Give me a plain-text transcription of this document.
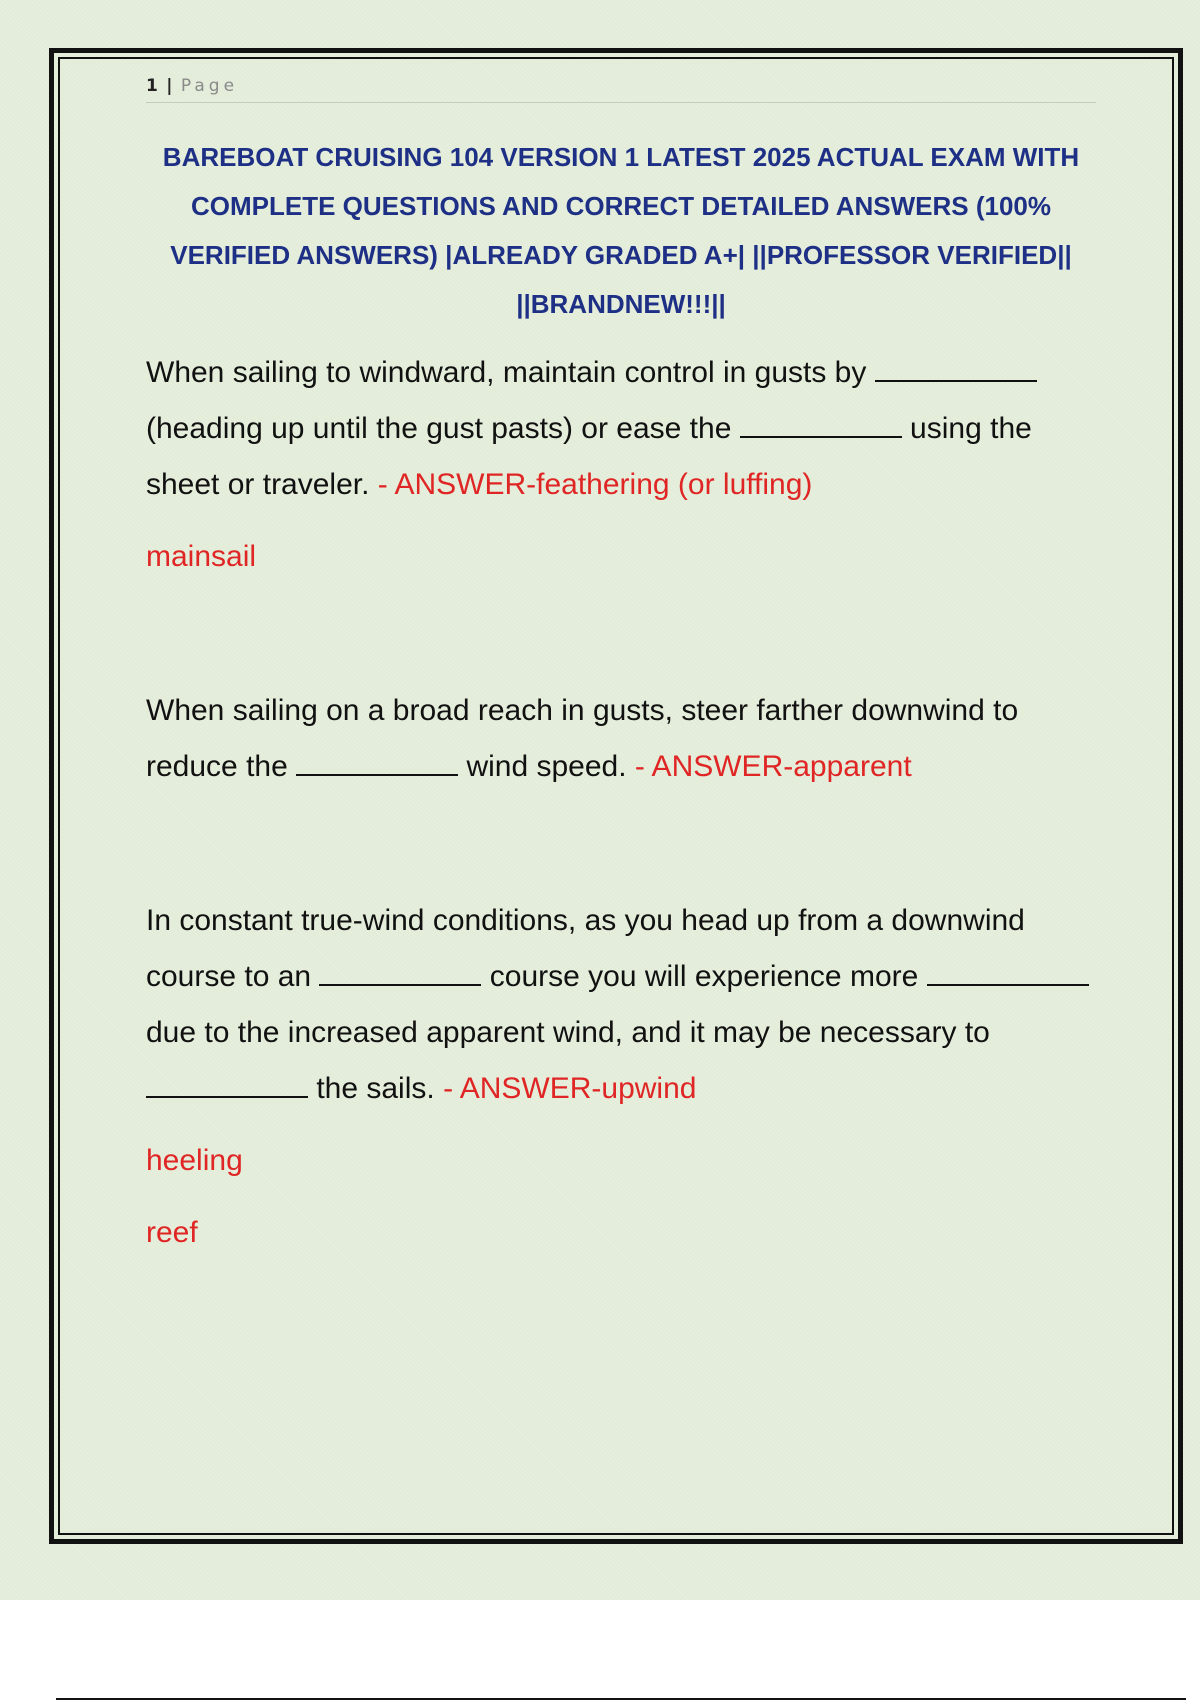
1 | Page
BAREBOAT CRUISING 104 VERSION 1 LATEST 2025 ACTUAL EXAM WITH COMPLETE QUESTIONS AND CORRECT DETAILED ANSWERS (100% VERIFIED ANSWERS) |ALREADY GRADED A+| ||PROFESSOR VERIFIED|| ||BRANDNEW!!!||
When sailing to windward, maintain control in gusts by  (heading up until the gust pasts) or ease the	using the sheet or traveler. - ANSWER-feathering (or luffing)
mainsail
When sailing on a broad reach in gusts, steer farther downwind to reduce the	wind speed. - ANSWER-apparent
In constant true-wind conditions, as you head up from a downwind course to an	course you will experience more  due to the increased apparent wind, and it may be necessary to  the sails. - ANSWER-upwind
heeling
reef
